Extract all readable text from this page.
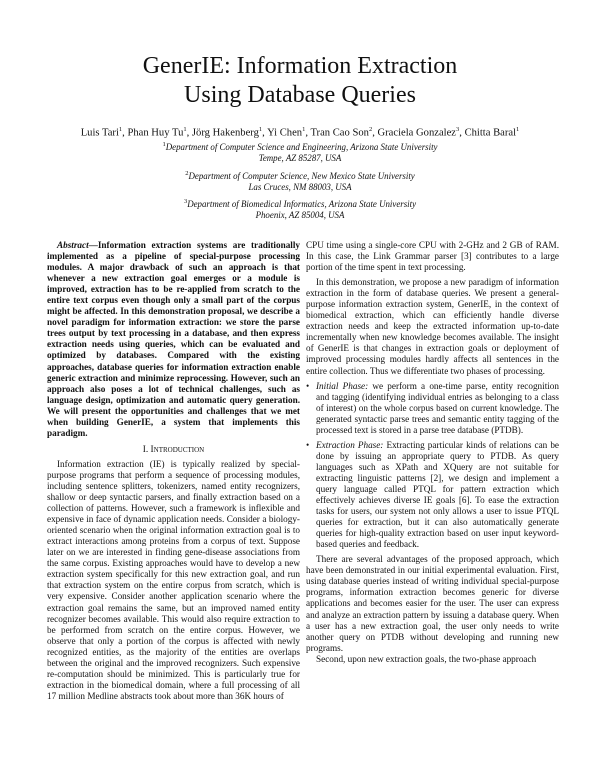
GenerIE: Information Extraction
Using Database Queries
Luis Tari$^1$, Phan Huy Tu$^1$, Jörg Hakenberg$^1$, Yi Chen$^1$, Tran Cao Son$^2$, Graciela Gonzalez$^3$, Chitta Baral$^1$
$^1$Department of Computer Science and Engineering, Arizona State University
Tempe, AZ 85287, USA
$^2$Department of Computer Science, New Mexico State University
Las Cruces, NM 88003, USA
$^3$Department of Biomedical Informatics, Arizona State University
Phoenix, AZ 85004, USA

Abstract—Information extraction systems are traditionally implemented as a pipeline of special-purpose processing modules. A major drawback of such an approach is that whenever a new extraction goal emerges or a module is improved, extraction has to be re-applied from scratch to the entire text corpus even though only a small part of the corpus might be affected. In this demonstration proposal, we describe a novel paradigm for information extraction: we store the parse trees output by text processing in a database, and then express extraction needs using queries, which can be evaluated and optimized by databases. Compared with the existing approaches, database queries for information extraction enable generic extraction and minimize reprocessing. However, such an approach also poses a lot of technical challenges, such as language design, optimization and automatic query generation. We will present the opportunities and challenges that we met when building GenerIE, a system that implements this paradigm.

I. Introduction

Information extraction (IE) is typically realized by special-purpose programs that perform a sequence of processing modules, including sentence splitters, tokenizers, named entity recognizers, shallow or deep syntactic parsers, and finally extraction based on a collection of patterns. However, such a framework is inflexible and expensive in face of dynamic application needs. Consider a biology-oriented scenario when the original information extraction goal is to extract interactions among proteins from a corpus of text. Suppose later on we are interested in finding gene-disease associations from the same corpus. Existing approaches would have to develop a new extraction system specifically for this new extraction goal, and run that extraction system on the entire corpus from scratch, which is very expensive. Consider another application scenario where the extraction goal remains the same, but an improved named entity recognizer becomes available. This would also require extraction to be performed from scratch on the entire corpus. However, we observe that only a portion of the corpus is affected with newly recognized entities, as the majority of the entities are overlaps between the original and the improved recognizers. Such expensive re-computation should be minimized. This is particularly true for extraction in the biomedical domain, where a full processing of all 17 million Medline abstracts took about more than 36K hours of

CPU time using a single-core CPU with 2-GHz and 2 GB of RAM. In this case, the Link Grammar parser [3] contributes to a large portion of the time spent in text processing.

In this demonstration, we propose a new paradigm of information extraction in the form of database queries. We present a general-purpose information extraction system, GenerIE, in the context of biomedical extraction, which can efficiently handle diverse extraction needs and keep the extracted information up-to-date incrementally when new knowledge becomes available. The insight of GenerIE is that changes in extraction goals or deployment of improved processing modules hardly affects all sentences in the entire collection. Thus we differentiate two phases of processing.

• Initial Phase: we perform a one-time parse, entity recognition and tagging (identifying individual entries as belonging to a class of interest) on the whole corpus based on current knowledge. The generated syntactic parse trees and semantic entity tagging of the processed text is stored in a parse tree database (PTDB).

• Extraction Phase: Extracting particular kinds of relations can be done by issuing an appropriate query to PTDB. As query languages such as XPath and XQuery are not suitable for extracting linguistic patterns [2], we design and implement a query language called PTQL for pattern extraction which effectively achieves diverse IE goals [6]. To ease the extraction tasks for users, our system not only allows a user to issue PTQL queries for extraction, but it can also automatically generate queries for high-quality extraction based on user input keyword-based queries and feedback.

There are several advantages of the proposed approach, which have been demonstrated in our initial experimental evaluation. First, using database queries instead of writing individual special-purpose programs, information extraction becomes generic for diverse applications and becomes easier for the user. The user can express and analyze an extraction pattern by issuing a database query. When a user has a new extraction goal, the user only needs to write another query on PTDB without developing and running new programs.

Second, upon new extraction goals, the two-phase approach
